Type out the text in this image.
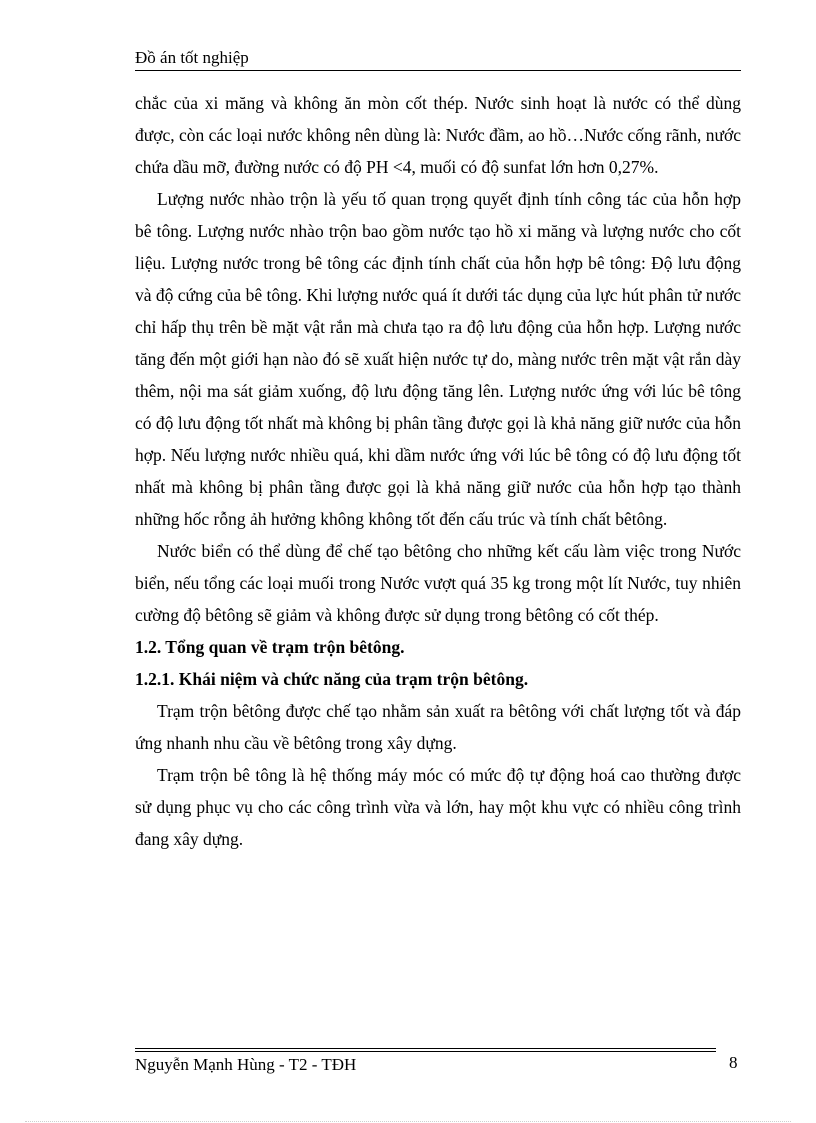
Đồ án tốt nghiệp

chắc của xi măng và không ăn mòn cốt thép. Nước sinh hoạt là nước có thể dùng được, còn các loại nước không nên dùng là: Nước đầm, ao hồ…Nước cống rãnh, nước chứa dầu mỡ, đường nước có độ PH <4, muối có độ sunfat lớn hơn 0,27%.

Lượng nước nhào trộn là yếu tố quan trọng quyết định tính công tác của hỗn hợp bê tông. Lượng nước nhào trộn bao gồm nước tạo hồ xi măng và lượng nước cho cốt liệu. Lượng nước trong bê tông các định tính chất của hỗn hợp bê tông: Độ lưu động và độ cứng của bê tông. Khi lượng nước quá ít dưới tác dụng của lực hút phân tử nước chỉ hấp thụ trên bề mặt vật rắn mà chưa tạo ra độ lưu động của hỗn hợp. Lượng nước tăng đến một giới hạn nào đó sẽ xuất hiện nước tự do, màng nước trên mặt vật rắn dày thêm, nội ma sát giảm xuống, độ lưu động tăng lên. Lượng nước ứng với lúc bê tông có độ lưu động tốt nhất mà không bị phân tầng được gọi là khả năng giữ nước của hỗn hợp. Nếu lượng nước nhiều quá, khi dầm nước ứng với lúc bê tông có độ lưu động tốt nhất mà không bị phân tầng được gọi là khả năng giữ nước của hỗn hợp tạo thành những hốc rỗng ảh hưởng không không tốt đến cấu trúc và tính chất bêtông.

Nước biển có thể dùng để chế tạo bêtông cho những kết cấu làm việc trong Nước biển, nếu tổng các loại muối trong Nước vượt quá 35 kg trong một lít Nước, tuy nhiên cường độ bêtông sẽ giảm và không được sử dụng trong bêtông có cốt thép.

1.2. Tổng quan về trạm trộn bêtông.
1.2.1. Khái niệm và chức năng của trạm trộn bêtông.

Trạm trộn bêtông được chế tạo nhằm sản xuất ra bêtông với chất lượng tốt và đáp ứng nhanh nhu cầu về bêtông trong xây dựng.

Trạm trộn bê tông là hệ thống máy móc có mức độ tự động hoá cao thường được sử dụng phục vụ cho các công trình vừa và lớn, hay một khu vực có nhiều công trình đang xây dựng.

Nguyễn Mạnh Hùng - T2 - TĐH	8
